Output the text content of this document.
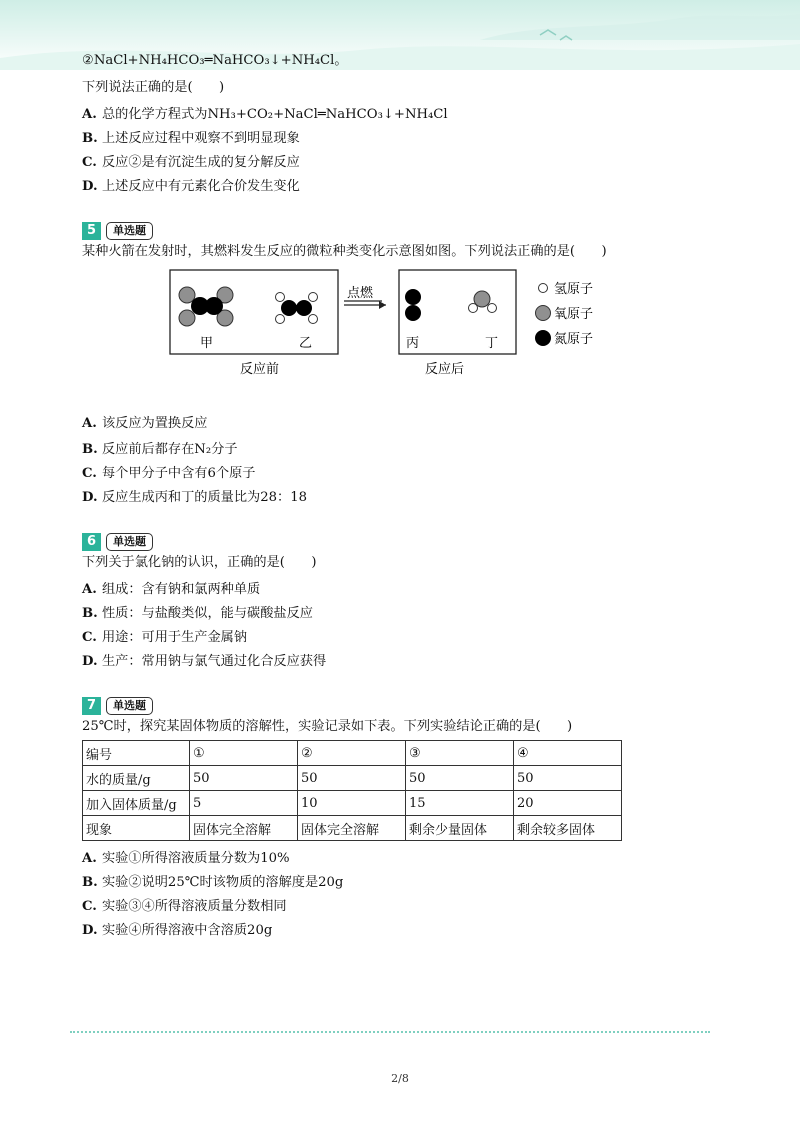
②NaCl+NH₄HCO₃═NaHCO₃↓+NH₄Cl。
下列说法正确的是(　　)
A. 总的化学方程式为NH₃+CO₂+NaCl═NaHCO₃↓+NH₄Cl
B. 上述反应过程中观察不到明显现象
C. 反应②是有沉淀生成的复分解反应
D. 上述反应中有元素化合价发生变化
5	单选题
某种火箭在发射时，其燃料发生反应的微粒种类变化示意图如图。下列说法正确的是(　　)
甲	乙
点燃
丙	丁
氢原子
氧原子
氮原子
反应前	反应后
A. 该反应为置换反应
B. 反应前后都存在N₂分子
C. 每个甲分子中含有6个原子
D. 反应生成丙和丁的质量比为28：18
6	单选题
下列关于氯化钠的认识，正确的是(　　)
A. 组成：含有钠和氯两种单质
B. 性质：与盐酸类似，能与碳酸盐反应
C. 用途：可用于生产金属钠
D. 生产：常用钠与氯气通过化合反应获得
7	单选题
25℃时，探究某固体物质的溶解性，实验记录如下表。下列实验结论正确的是(　　)
编号	①	②	③	④
水的质量/g	50	50	50	50
加入固体质量/g	5	10	15	20
现象	固体完全溶解	固体完全溶解	剩余少量固体	剩余较多固体
A. 实验①所得溶液质量分数为10%
B. 实验②说明25℃时该物质的溶解度是20g
C. 实验③④所得溶液质量分数相同
D. 实验④所得溶液中含溶质20g
2/8
